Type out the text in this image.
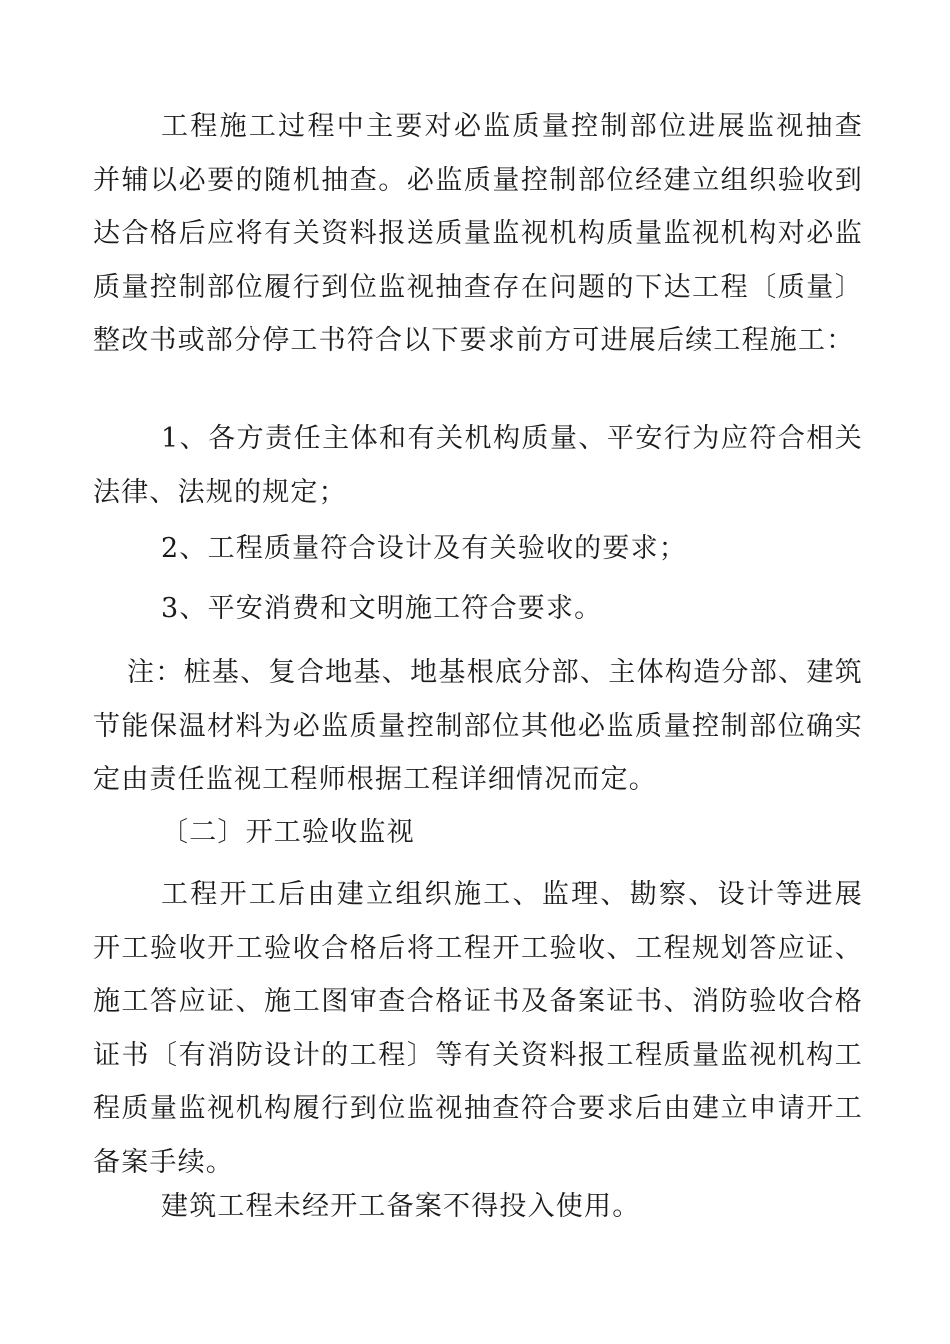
工程施工过程中主要对必监质量控制部位进展监视抽查并辅以必要的随机抽查。必监质量控制部位经建立组织验收到达合格后应将有关资料报送质量监视机构质量监视机构对必监质量控制部位履行到位监视抽查存在问题的下达工程〔质量〕整改书或部分停工书符合以下要求前方可进展后续工程施工：

1、各方责任主体和有关机构质量、平安行为应符合相关法律、法规的规定；

2、工程质量符合设计及有关验收的要求；

3、平安消费和文明施工符合要求。

注：桩基、复合地基、地基根底分部、主体构造分部、建筑节能保温材料为必监质量控制部位其他必监质量控制部位确实定由责任监视工程师根据工程详细情况而定。

〔二〕开工验收监视

工程开工后由建立组织施工、监理、勘察、设计等进展开工验收开工验收合格后将工程开工验收、工程规划答应证、施工答应证、施工图审查合格证书及备案证书、消防验收合格证书〔有消防设计的工程〕等有关资料报工程质量监视机构工程质量监视机构履行到位监视抽查符合要求后由建立申请开工备案手续。

建筑工程未经开工备案不得投入使用。
